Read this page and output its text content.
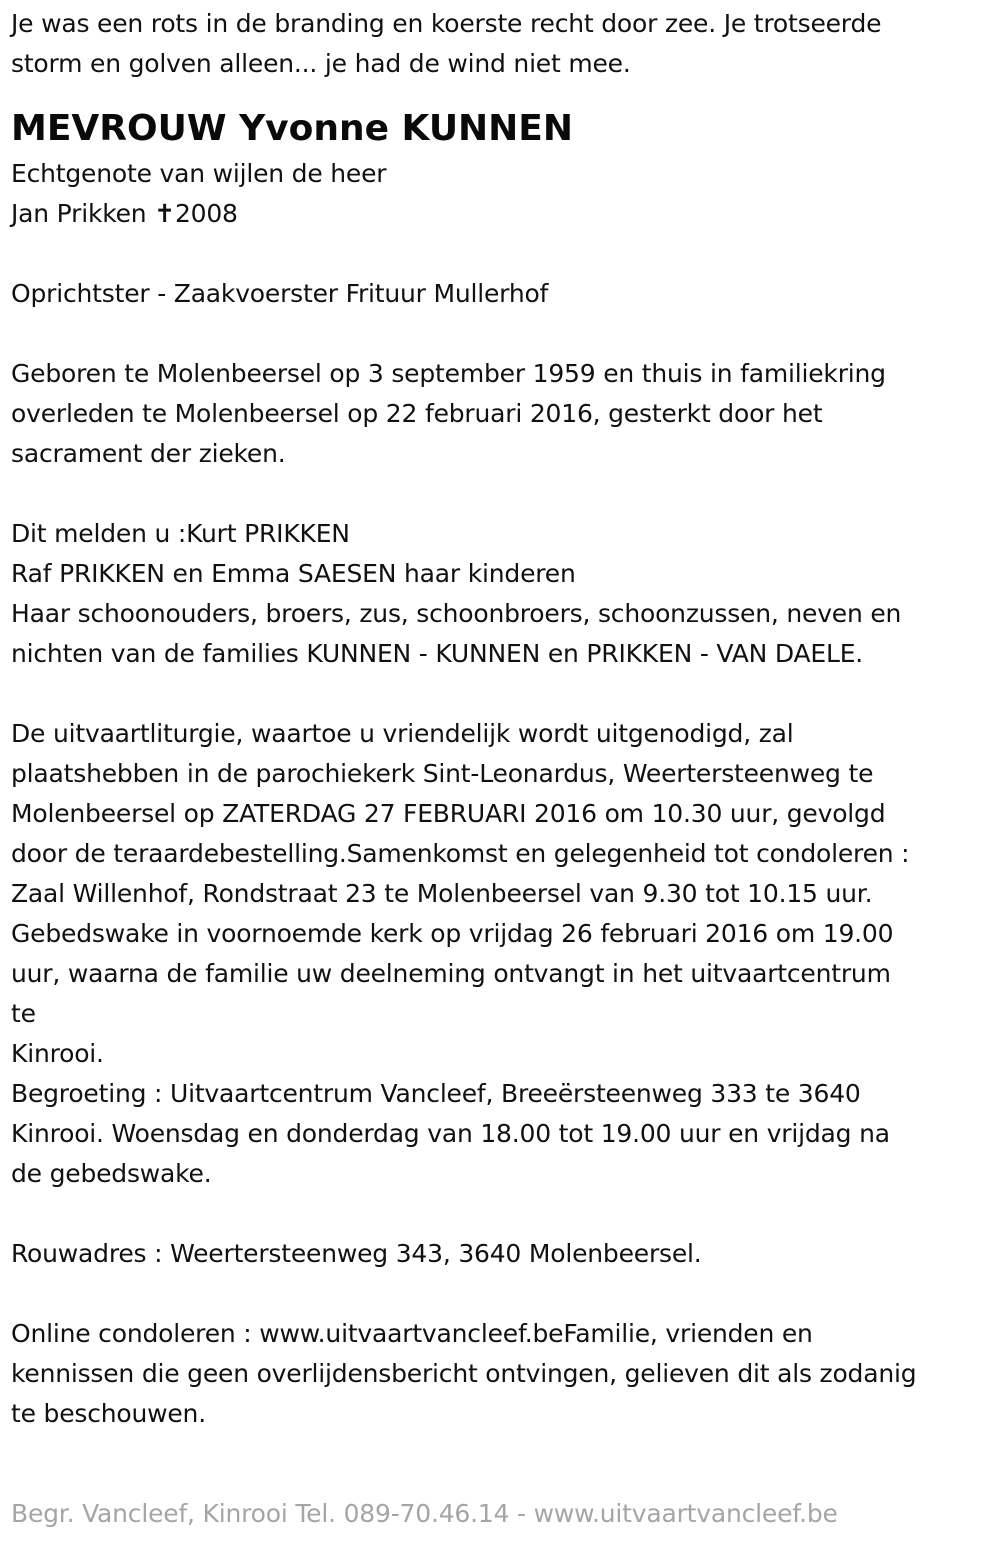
Je was een rots in de branding en koerste recht door zee. Je trotseerde
storm en golven alleen... je had de wind niet mee.
MEVROUW Yvonne KUNNEN
Echtgenote van wijlen de heer
Jan Prikken ✝2008
Oprichtster - Zaakvoerster Frituur Mullerhof
Geboren te Molenbeersel op 3 september 1959 en thuis in familiekring
overleden te Molenbeersel op 22 februari 2016, gesterkt door het
sacrament der zieken.
Dit melden u :Kurt PRIKKEN
Raf PRIKKEN en Emma SAESEN haar kinderen
Haar schoonouders, broers, zus, schoonbroers, schoonzussen, neven en
nichten van de families KUNNEN - KUNNEN en PRIKKEN - VAN DAELE.
De uitvaartliturgie, waartoe u vriendelijk wordt uitgenodigd, zal
plaatshebben in de parochiekerk Sint-Leonardus, Weertersteenweg te
Molenbeersel op ZATERDAG 27 FEBRUARI 2016 om 10.30 uur, gevolgd
door de teraardebestelling.Samenkomst en gelegenheid tot condoleren :
Zaal Willenhof, Rondstraat 23 te Molenbeersel van 9.30 tot 10.15 uur.
Gebedswake in voornoemde kerk op vrijdag 26 februari 2016 om 19.00
uur, waarna de familie uw deelneming ontvangt in het uitvaartcentrum
te
Kinrooi.
Begroeting : Uitvaartcentrum Vancleef, Breeërsteenweg 333 te 3640
Kinrooi. Woensdag en donderdag van 18.00 tot 19.00 uur en vrijdag na
de gebedswake.
Rouwadres : Weertersteenweg 343, 3640 Molenbeersel.
Online condoleren : www.uitvaartvancleef.beFamilie, vrienden en
kennissen die geen overlijdensbericht ontvingen, gelieven dit als zodanig
te beschouwen.
Begr. Vancleef, Kinrooi Tel. 089-70.46.14 - www.uitvaartvancleef.be
